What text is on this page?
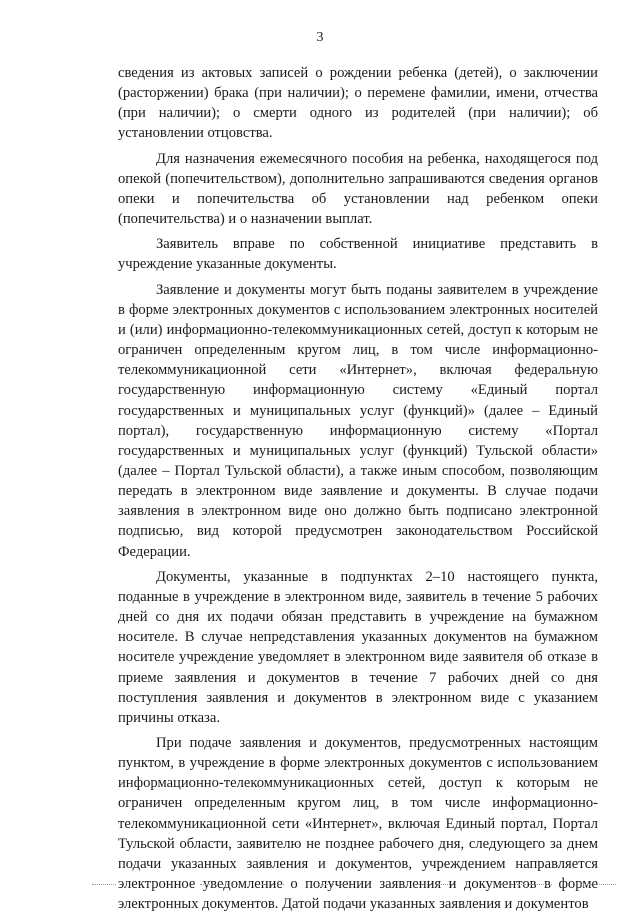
3

сведения из актовых записей о рождении ребенка (детей), о заключении (расторжении) брака (при наличии); о перемене фамилии, имени, отчества (при наличии); о смерти одного из родителей (при наличии); об установлении отцовства.

Для назначения ежемесячного пособия на ребенка, находящегося под опекой (попечительством), дополнительно запрашиваются сведения органов опеки и попечительства об установлении над ребенком опеки (попечительства) и о назначении выплат.

Заявитель вправе по собственной инициативе представить в учреждение указанные документы.

Заявление и документы могут быть поданы заявителем в учреждение в форме электронных документов с использованием электронных носителей и (или) информационно-телекоммуникационных сетей, доступ к которым не ограничен определенным кругом лиц, в том числе информационно-телекоммуникационной сети «Интернет», включая федеральную государственную информационную систему «Единый портал государственных и муниципальных услуг (функций)» (далее – Единый портал), государственную информационную систему «Портал государственных и муниципальных услуг (функций) Тульской области» (далее – Портал Тульской области), а также иным способом, позволяющим передать в электронном виде заявление и документы. В случае подачи заявления в электронном виде оно должно быть подписано электронной подписью, вид которой предусмотрен законодательством Российской Федерации.

Документы, указанные в подпунктах 2–10 настоящего пункта, поданные в учреждение в электронном виде, заявитель в течение 5 рабочих дней со дня их подачи обязан представить в учреждение на бумажном носителе. В случае непредставления указанных документов на бумажном носителе учреждение уведомляет в электронном виде заявителя об отказе в приеме заявления и документов в течение 7 рабочих дней со дня поступления заявления и документов в электронном виде с указанием причины отказа.

При подаче заявления и документов, предусмотренных настоящим пунктом, в учреждение в форме электронных документов с использованием информационно-телекоммуникационных сетей, доступ к которым не ограничен определенным кругом лиц, в том числе информационно-телекоммуникационной сети «Интернет», включая Единый портал, Портал Тульской области, заявителю не позднее рабочего дня, следующего за днем подачи указанных заявления и документов, учреждением направляется электронное уведомление о получении заявления и документов в форме электронных документов. Датой подачи указанных заявления и документов
